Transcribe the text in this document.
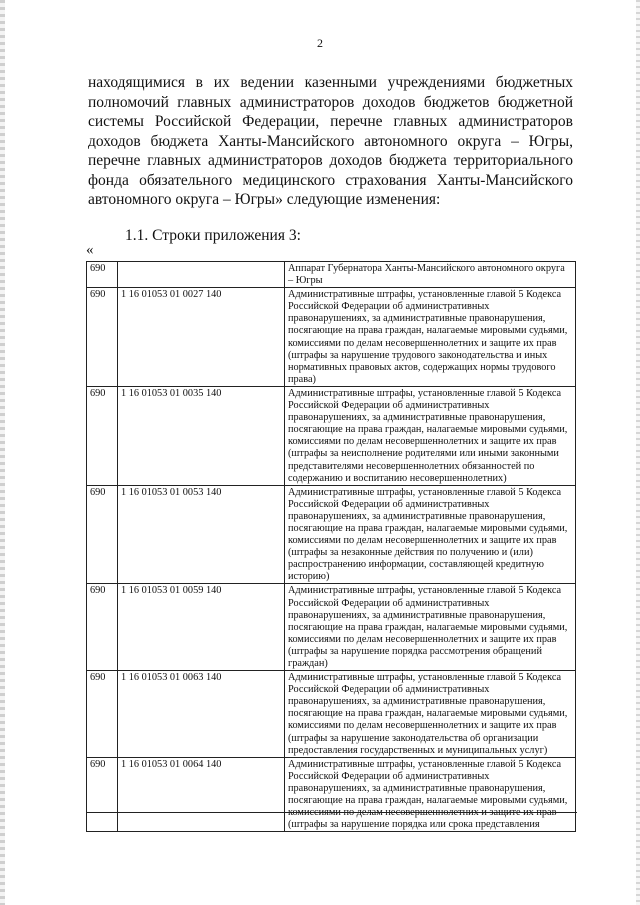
2
находящимися в их ведении казенными учреждениями бюджетных
полномочий главных администраторов доходов бюджетов бюджетной
системы Российской Федерации, перечне главных администраторов
доходов бюджета Ханты-Мансийского автономного округа – Югры,
перечне главных администраторов доходов бюджета территориального
фонда обязательного медицинского страхования Ханты-Мансийского
автономного округа – Югры» следующие изменения:
1.1. Строки приложения 3:
«
690		Аппарат Губернатора Ханты-Мансийского автономного округа – Югры
690	1 16 01053 01 0027 140	Административные штрафы, установленные главой 5 Кодекса Российской Федерации об административных правонарушениях, за административные правонарушения, посягающие на права граждан, налагаемые мировыми судьями, комиссиями по делам несовершеннолетних и защите их прав (штрафы за нарушение трудового законодательства и иных нормативных правовых актов, содержащих нормы трудового права)
690	1 16 01053 01 0035 140	Административные штрафы, установленные главой 5 Кодекса Российской Федерации об административных правонарушениях, за административные правонарушения, посягающие на права граждан, налагаемые мировыми судьями, комиссиями по делам несовершеннолетних и защите их прав (штрафы за неисполнение родителями или иными законными представителями несовершеннолетних обязанностей по содержанию и воспитанию несовершеннолетних)
690	1 16 01053 01 0053 140	Административные штрафы, установленные главой 5 Кодекса Российской Федерации об административных правонарушениях, за административные правонарушения, посягающие на права граждан, налагаемые мировыми судьями, комиссиями по делам несовершеннолетних и защите их прав (штрафы за незаконные действия по получению и (или) распространению информации, составляющей кредитную историю)
690	1 16 01053 01 0059 140	Административные штрафы, установленные главой 5 Кодекса Российской Федерации об административных правонарушениях, за административные правонарушения, посягающие на права граждан, налагаемые мировыми судьями, комиссиями по делам несовершеннолетних и защите их прав (штрафы за нарушение порядка рассмотрения обращений граждан)
690	1 16 01053 01 0063 140	Административные штрафы, установленные главой 5 Кодекса Российской Федерации об административных правонарушениях, за административные правонарушения, посягающие на права граждан, налагаемые мировыми судьями, комиссиями по делам несовершеннолетних и защите их прав (штрафы за нарушение законодательства об организации предоставления государственных и муниципальных услуг)
690	1 16 01053 01 0064 140	Административные штрафы, установленные главой 5 Кодекса Российской Федерации об административных правонарушениях, за административные правонарушения, посягающие на права граждан, налагаемые мировыми судьями, (штрафы за нарушение порядка или срока представления
